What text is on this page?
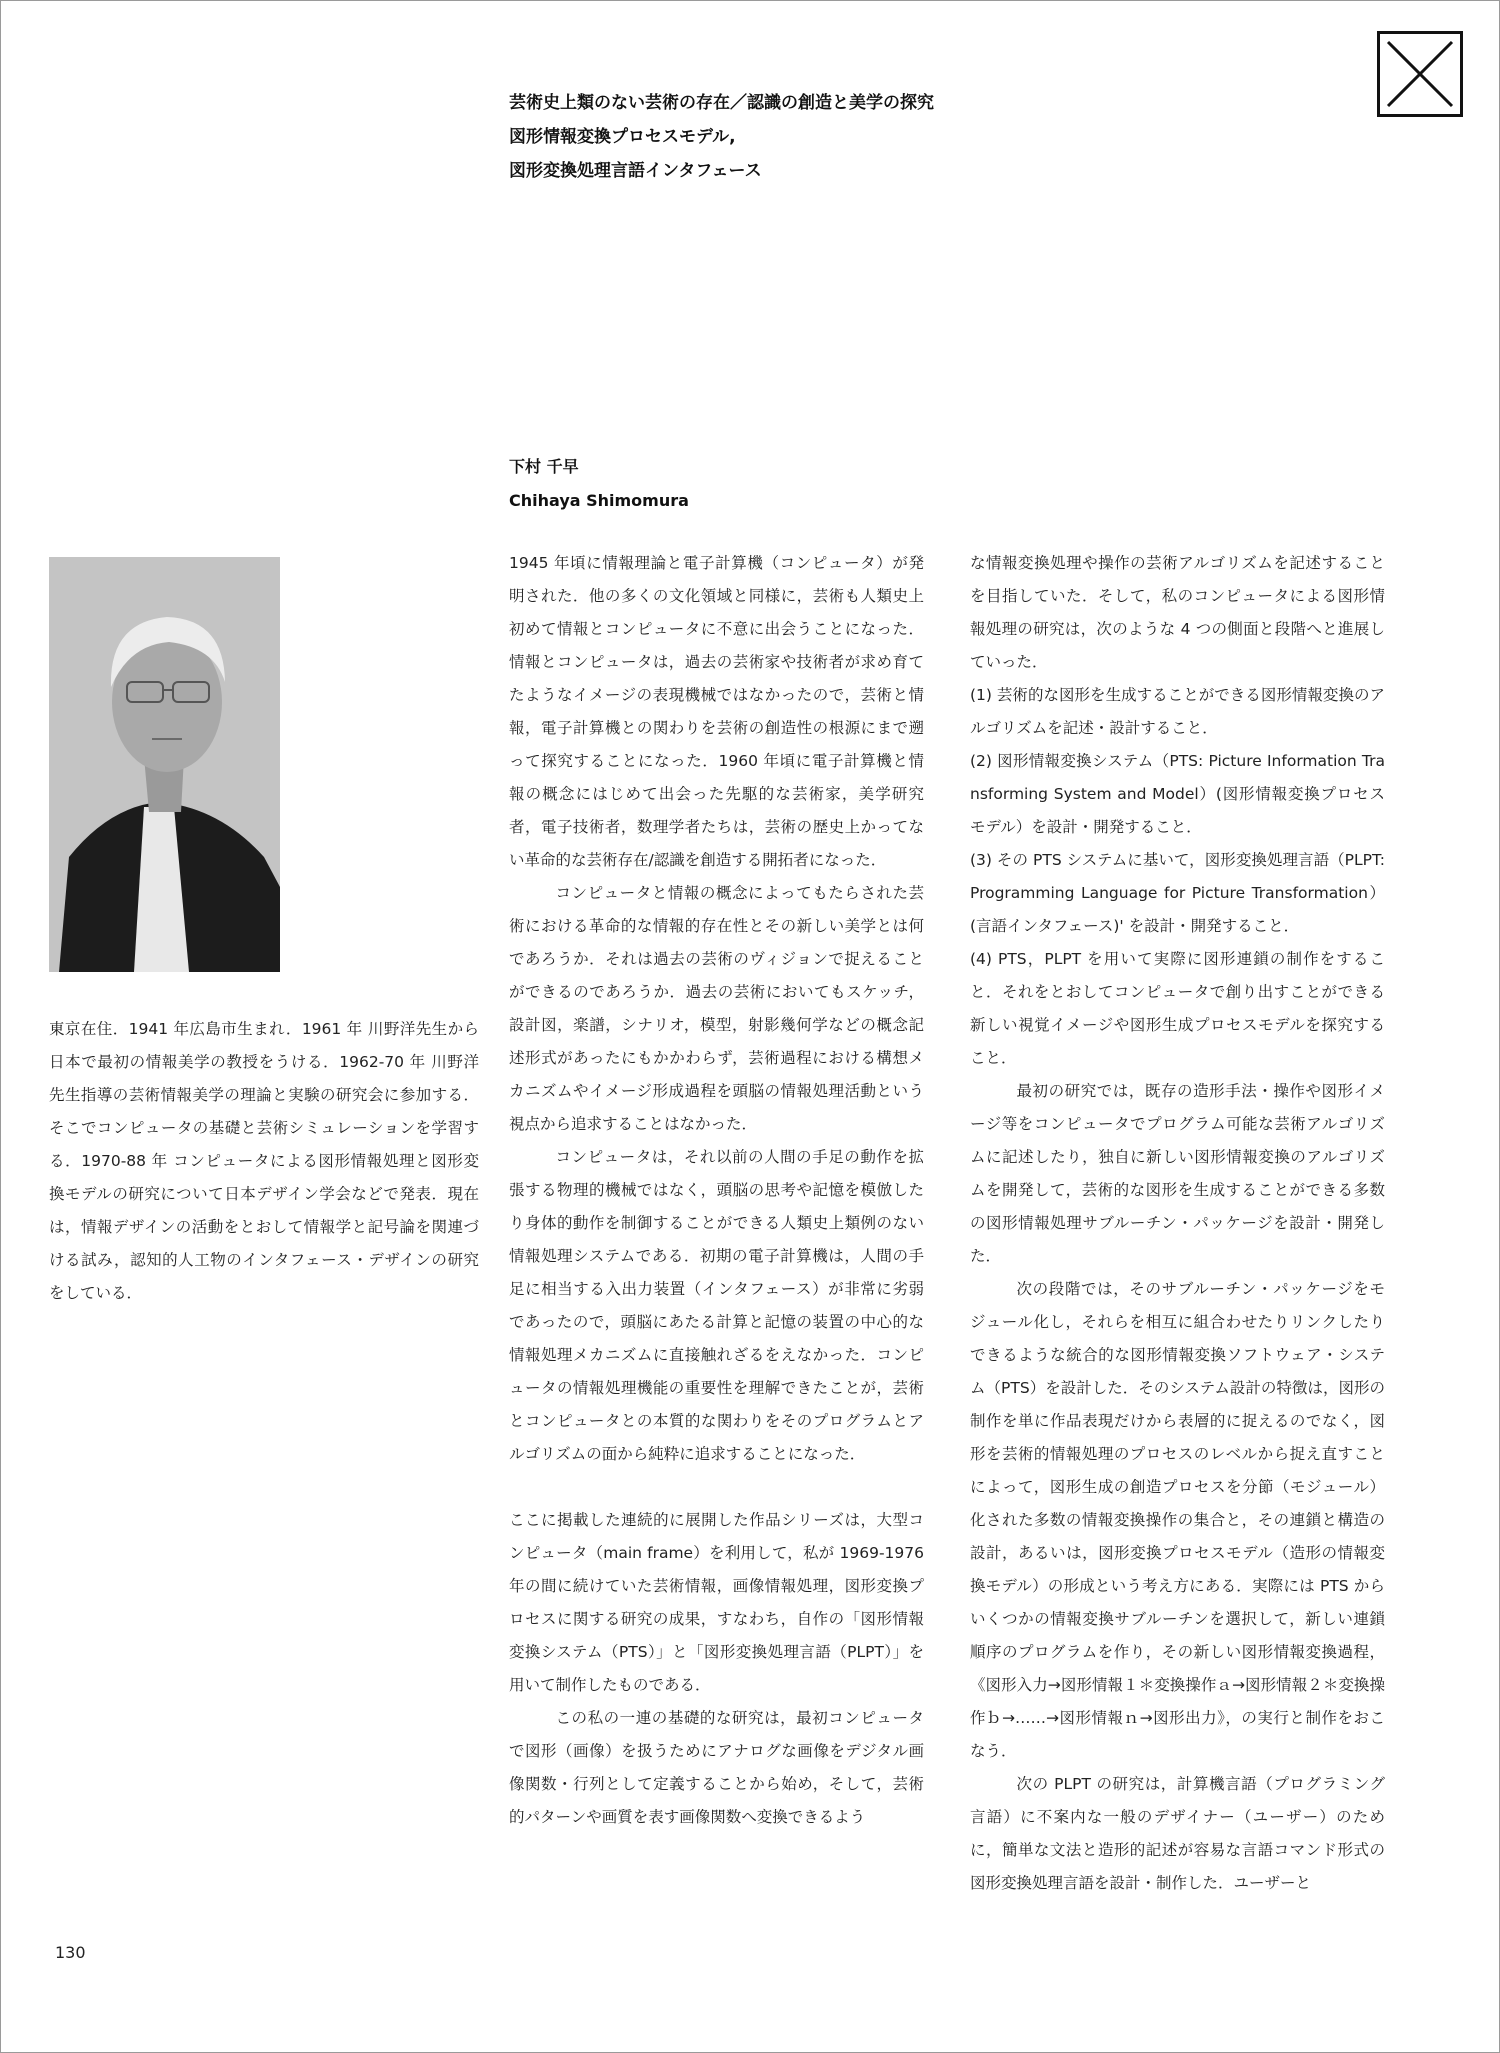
芸術史上類のない芸術の存在／認識の創造と美学の探究
図形情報変換プロセスモデル,
図形変換処理言語インタフェース
下村 千早
Chihaya Shimomura

東京在住．1941 年広島市生まれ．1961 年 川野洋先生から日本で最初の情報美学の教授をうける．1962-70 年 川野洋先生指導の芸術情報美学の理論と実験の研究会に参加する．そこでコンピュータの基礎と芸術シミュレーションを学習する．1970-88 年 コンピュータによる図形情報処理と図形変換モデルの研究について日本デザイン学会などで発表．現在は，情報デザインの活動をとおして情報学と記号論を関連づける試み，認知的人工物のインタフェース・デザインの研究をしている．

1945 年頃に情報理論と電子計算機（コンピュータ）が発明された．他の多くの文化領域と同様に，芸術も人類史上初めて情報とコンピュータに不意に出会うことになった．情報とコンピュータは，過去の芸術家や技術者が求め育てたようなイメージの表現機械ではなかったので，芸術と情報，電子計算機との関わりを芸術の創造性の根源にまで遡って探究することになった．1960 年頃に電子計算機と情報の概念にはじめて出会った先駆的な芸術家，美学研究者，電子技術者，数理学者たちは，芸術の歴史上かってない革命的な芸術存在/認識を創造する開拓者になった．

コンピュータと情報の概念によってもたらされた芸術における革命的な情報的存在性とその新しい美学とは何であろうか．それは過去の芸術のヴィジョンで捉えることができるのであろうか．過去の芸術においてもスケッチ，設計図，楽譜，シナリオ，模型，射影幾何学などの概念記述形式があったにもかかわらず，芸術過程における構想メカニズムやイメージ形成過程を頭脳の情報処理活動という視点から追求することはなかった．

コンピュータは，それ以前の人間の手足の動作を拡張する物理的機械ではなく，頭脳の思考や記憶を模倣したり身体的動作を制御することができる人類史上類例のない情報処理システムである．初期の電子計算機は，人間の手足に相当する入出力装置（インタフェース）が非常に劣弱であったので，頭脳にあたる計算と記憶の装置の中心的な情報処理メカニズムに直接触れざるをえなかった．コンピュータの情報処理機能の重要性を理解できたことが，芸術とコンピュータとの本質的な関わりをそのプログラムとアルゴリズムの面から純粋に追求することになった．

ここに掲載した連続的に展開した作品シリーズは，大型コンピュータ（main frame）を利用して，私が 1969-1976 年の間に続けていた芸術情報，画像情報処理，図形変換プロセスに関する研究の成果，すなわち，自作の「図形情報変換システム（PTS）」と「図形変換処理言語（PLPT）」を用いて制作したものである．

この私の一連の基礎的な研究は，最初コンピュータで図形（画像）を扱うためにアナログな画像をデジタル画像関数・行列として定義することから始め，そして，芸術的パターンや画質を表す画像関数へ変換できるよう

な情報変換処理や操作の芸術アルゴリズムを記述することを目指していた．そして，私のコンピュータによる図形情報処理の研究は，次のような 4 つの側面と段階へと進展していった．

(1) 芸術的な図形を生成することができる図形情報変換のアルゴリズムを記述・設計すること．

(2) 図形情報変換システム（PTS: Picture Information Transforming System and Model）(図形情報変換プロセスモデル）を設計・開発すること．

(3) その PTS システムに基いて，図形変換処理言語（PLPT: Programming Language for Picture Transformation）(言語インタフェース)' を設計・開発すること．

(4) PTS，PLPT を用いて実際に図形連鎖の制作をすること．それをとおしてコンピュータで創り出すことができる新しい視覚イメージや図形生成プロセスモデルを探究すること．

最初の研究では，既存の造形手法・操作や図形イメージ等をコンピュータでプログラム可能な芸術アルゴリズムに記述したり，独自に新しい図形情報変換のアルゴリズムを開発して，芸術的な図形を生成することができる多数の図形情報処理サブルーチン・パッケージを設計・開発した．

次の段階では，そのサブルーチン・パッケージをモジュール化し，それらを相互に組合わせたりリンクしたりできるような統合的な図形情報変換ソフトウェア・システム（PTS）を設計した．そのシステム設計の特徴は，図形の制作を単に作品表現だけから表層的に捉えるのでなく，図形を芸術的情報処理のプロセスのレベルから捉え直すことによって，図形生成の創造プロセスを分節（モジュール）化された多数の情報変換操作の集合と，その連鎖と構造の設計，あるいは，図形変換プロセスモデル（造形の情報変換モデル）の形成という考え方にある．実際には PTS からいくつかの情報変換サブルーチンを選択して，新しい連鎖順序のプログラムを作り，その新しい図形情報変換過程，《図形入力→図形情報１＊変換操作ａ→図形情報２＊変換操作ｂ→……→図形情報ｎ→図形出力》，の実行と制作をおこなう．

次の PLPT の研究は，計算機言語（プログラミング言語）に不案内な一般のデザイナー（ユーザー）のために，簡単な文法と造形的記述が容易な言語コマンド形式の図形変換処理言語を設計・制作した．ユーザーと

130
